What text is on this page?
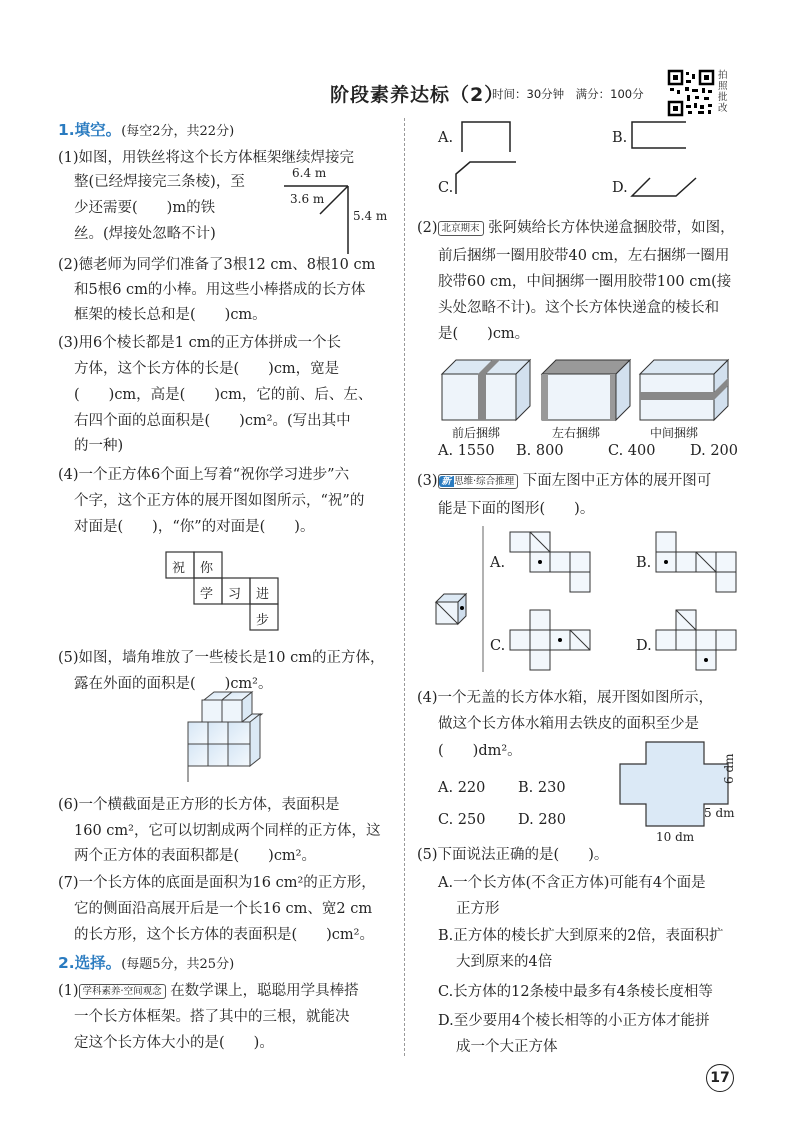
阶段素养达标（2）
时间：30分钟　满分：100分
拍照批改
1.填空。(每空2分，共22分)
(1)如图，用铁丝将这个长方体框架继续焊接完
整(已经焊接完三条棱)，至
少还需要(　　)m的铁
丝。(焊接处忽略不计)
6.4 m
3.6 m
5.4 m
(2)德老师为同学们准备了3根12 cm、8根10 cm
和5根6 cm的小棒。用这些小棒搭成的长方体
框架的棱长总和是(　　)cm。
(3)用6个棱长都是1 cm的正方体拼成一个长
方体，这个长方体的长是(　　)cm，宽是
(　　)cm，高是(　　)cm，它的前、后、左、
右四个面的总面积是(　　)cm²。(写出其中
的一种)
(4)一个正方体6个面上写着“祝你学习进步”六
个字，这个正方体的展开图如图所示，“祝”的
对面是(　　)，“你”的对面是(　　)。
祝 你
学 习 进
步
(5)如图，墙角堆放了一些棱长是10 cm的正方体，
露在外面的面积是(　　)cm²。
(6)一个横截面是正方形的长方体，表面积是
160 cm²，它可以切割成两个同样的正方体，这
两个正方体的表面积都是(　　)cm²。
(7)一个长方体的底面是面积为16 cm²的正方形，
它的侧面沿高展开后是一个长16 cm、宽2 cm
的长方形，这个长方体的表面积是(　　)cm²。
2.选择。(每题5分，共25分)
(1) 学科素养·空间观念 在数学课上，聪聪用学具棒搭
一个长方体框架。搭了其中的三根，就能决
定这个长方体大小的是(　　)。
A.	B.
C.	D.
(2) 北京期末 张阿姨给长方体快递盒捆胶带，如图，
前后捆绑一圈用胶带40 cm，左右捆绑一圈用
胶带60 cm，中间捆绑一圈用胶带100 cm(接
头处忽略不计)。这个长方体快递盒的棱长和
是(　　)cm。
前后捆绑	左右捆绑	中间捆绑
A. 1550 B. 800	C. 400 D. 200
(3) 新 思维·综合推理 下面左图中正方体的展开图可
能是下面的图形(　　)。
A.	B.
C.	D.
(4)一个无盖的长方体水箱，展开图如图所示，
做这个长方体水箱用去铁皮的面积至少是
(　　)dm²。
A. 220 B. 230
C. 250 D. 280
6 dm
5 dm
10 dm
(5)下面说法正确的是(　　)。
A.一个长方体(不含正方体)可能有4个面是
正方形
B.正方体的棱长扩大到原来的2倍，表面积扩
大到原来的4倍
C.长方体的12条棱中最多有4条棱长度相等
D.至少要用4个棱长相等的小正方体才能拼
成一个大正方体
17
